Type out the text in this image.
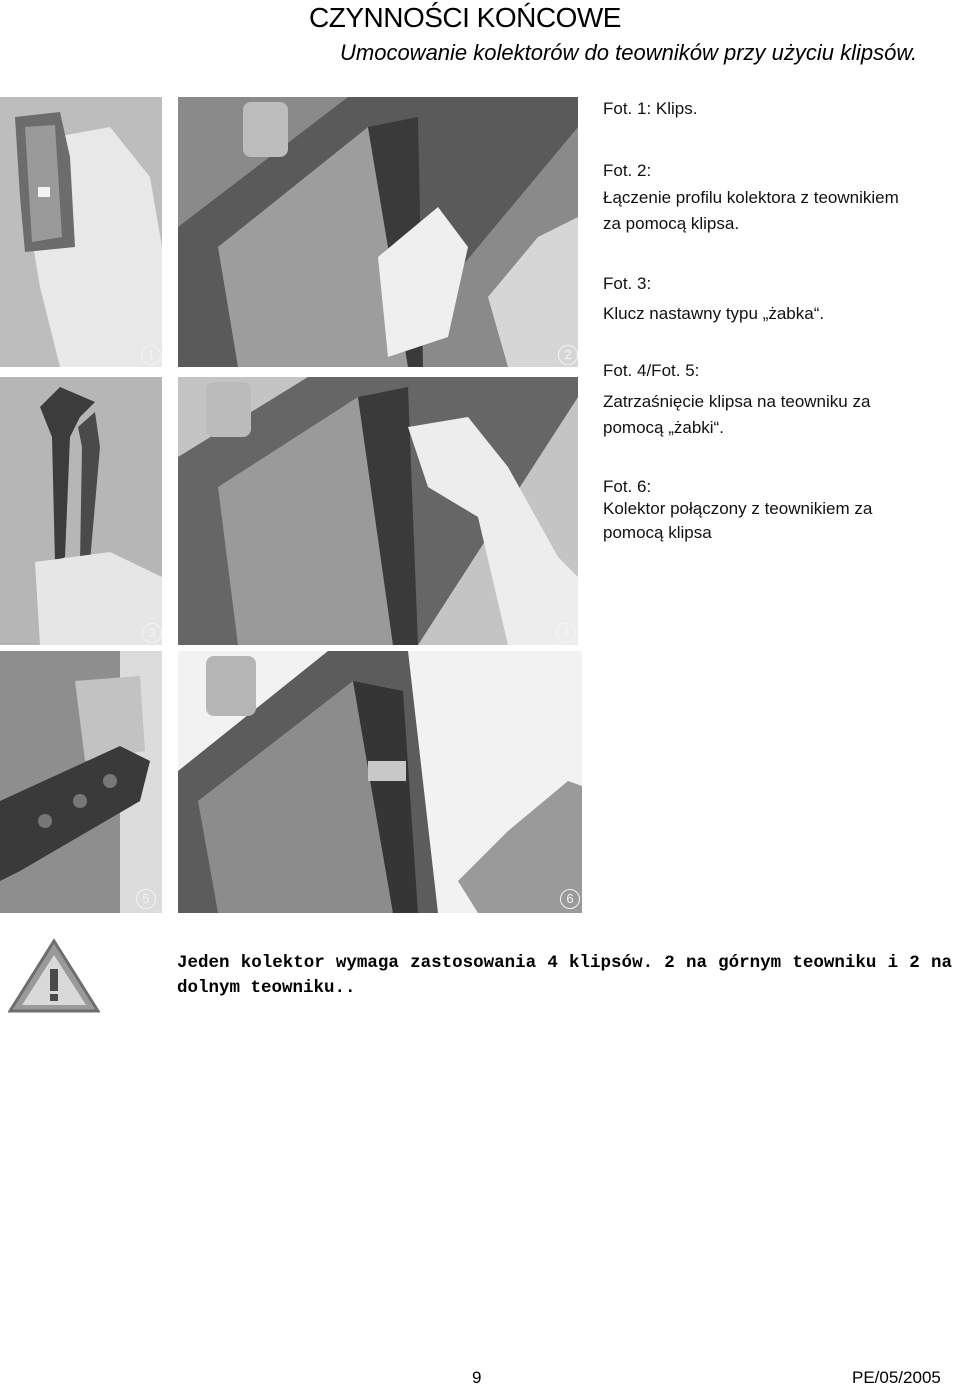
CZYNNOŚCI KOŃCOWE
Umocowanie kolektorów do teowników przy użyciu klipsów.
1	2
3	4
5	6
Fot. 1: Klips.
Fot. 2:
Łączenie profilu kolektora z teownikiem
za pomocą klipsa.
Fot. 3:
Klucz nastawny typu „żabka“.
Fot. 4/Fot. 5:
Zatrzaśnięcie klipsa na teowniku za
pomocą „żabki“.
Fot. 6:
Kolektor połączony z teownikiem za
pomocą klipsa
Jeden kolektor wymaga zastosowania 4 klipsów. 2 na górnym teowniku i 2 na dolnym teowniku..
9	PE/05/2005
